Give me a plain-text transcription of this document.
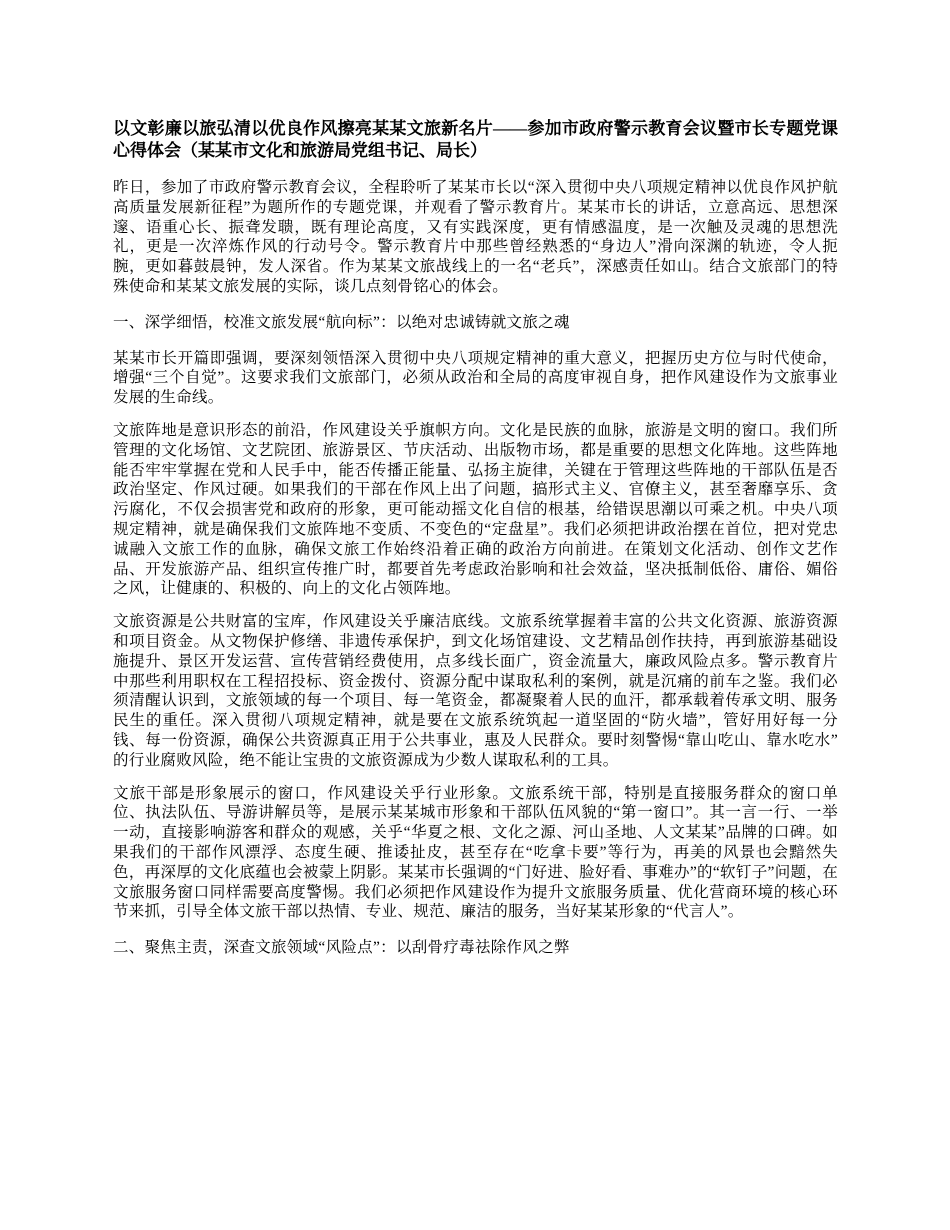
以文彰廉以旅弘清以优良作风擦亮某某文旅新名片——参加市政府警示教育会议暨市长专题党课心得体会（某某市文化和旅游局党组书记、局长）

昨日，参加了市政府警示教育会议，全程聆听了某某市长以“深入贯彻中央八项规定精神以优良作风护航高质量发展新征程”为题所作的专题党课，并观看了警示教育片。某某市长的讲话，立意高远、思想深邃、语重心长、振聋发聩，既有理论高度，又有实践深度，更有情感温度，是一次触及灵魂的思想洗礼，更是一次淬炼作风的行动号令。警示教育片中那些曾经熟悉的“身边人”滑向深渊的轨迹，令人扼腕，更如暮鼓晨钟，发人深省。作为某某文旅战线上的一名“老兵”，深感责任如山。结合文旅部门的特殊使命和某某文旅发展的实际，谈几点刻骨铭心的体会。

一、深学细悟，校准文旅发展“航向标”：以绝对忠诚铸就文旅之魂

某某市长开篇即强调，要深刻领悟深入贯彻中央八项规定精神的重大意义，把握历史方位与时代使命，增强“三个自觉”。这要求我们文旅部门，必须从政治和全局的高度审视自身，把作风建设作为文旅事业发展的生命线。

文旅阵地是意识形态的前沿，作风建设关乎旗帜方向。文化是民族的血脉，旅游是文明的窗口。我们所管理的文化场馆、文艺院团、旅游景区、节庆活动、出版物市场，都是重要的思想文化阵地。这些阵地能否牢牢掌握在党和人民手中，能否传播正能量、弘扬主旋律，关键在于管理这些阵地的干部队伍是否政治坚定、作风过硬。如果我们的干部在作风上出了问题，搞形式主义、官僚主义，甚至奢靡享乐、贪污腐化，不仅会损害党和政府的形象，更可能动摇文化自信的根基，给错误思潮以可乘之机。中央八项规定精神，就是确保我们文旅阵地不变质、不变色的“定盘星”。我们必须把讲政治摆在首位，把对党忠诚融入文旅工作的血脉，确保文旅工作始终沿着正确的政治方向前进。在策划文化活动、创作文艺作品、开发旅游产品、组织宣传推广时，都要首先考虑政治影响和社会效益，坚决抵制低俗、庸俗、媚俗之风，让健康的、积极的、向上的文化占领阵地。

文旅资源是公共财富的宝库，作风建设关乎廉洁底线。文旅系统掌握着丰富的公共文化资源、旅游资源和项目资金。从文物保护修缮、非遗传承保护，到文化场馆建设、文艺精品创作扶持，再到旅游基础设施提升、景区开发运营、宣传营销经费使用，点多线长面广，资金流量大，廉政风险点多。警示教育片中那些利用职权在工程招投标、资金拨付、资源分配中谋取私利的案例，就是沉痛的前车之鉴。我们必须清醒认识到，文旅领域的每一个项目、每一笔资金，都凝聚着人民的血汗，都承载着传承文明、服务民生的重任。深入贯彻八项规定精神，就是要在文旅系统筑起一道坚固的“防火墙”，管好用好每一分钱、每一份资源，确保公共资源真正用于公共事业，惠及人民群众。要时刻警惕“靠山吃山、靠水吃水”的行业腐败风险，绝不能让宝贵的文旅资源成为少数人谋取私利的工具。

文旅干部是形象展示的窗口，作风建设关乎行业形象。文旅系统干部，特别是直接服务群众的窗口单位、执法队伍、导游讲解员等，是展示某某城市形象和干部队伍风貌的“第一窗口”。其一言一行、一举一动，直接影响游客和群众的观感，关乎“华夏之根、文化之源、河山圣地、人文某某”品牌的口碑。如果我们的干部作风漂浮、态度生硬、推诿扯皮，甚至存在“吃拿卡要”等行为，再美的风景也会黯然失色，再深厚的文化底蕴也会被蒙上阴影。某某市长强调的“门好进、脸好看、事难办”的“软钉子”问题，在文旅服务窗口同样需要高度警惕。我们必须把作风建设作为提升文旅服务质量、优化营商环境的核心环节来抓，引导全体文旅干部以热情、专业、规范、廉洁的服务，当好某某形象的“代言人”。

二、聚焦主责，深查文旅领域“风险点”：以刮骨疗毒祛除作风之弊
